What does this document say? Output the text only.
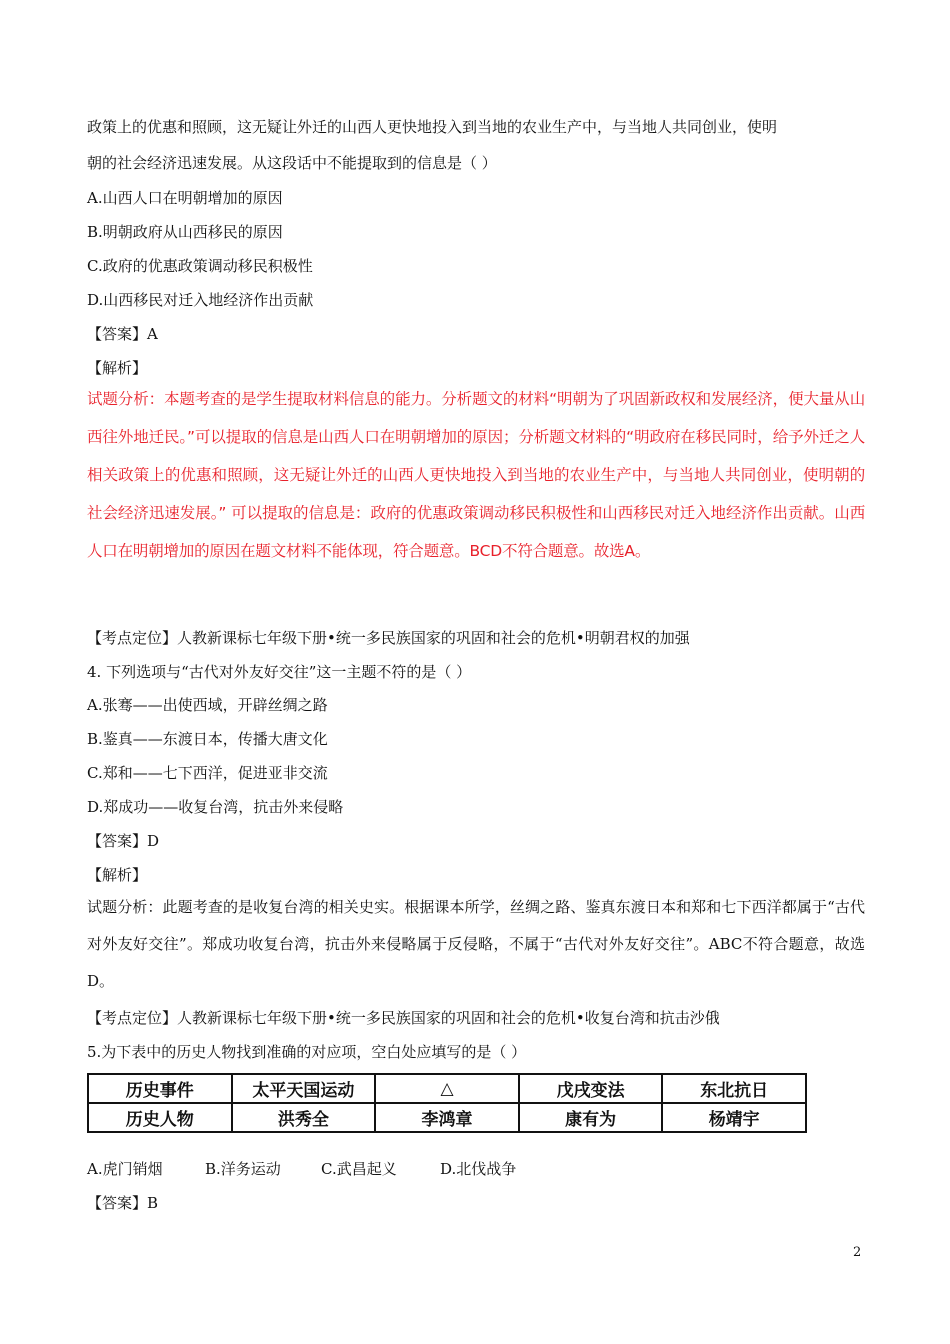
政策上的优惠和照顾，这无疑让外迁的山西人更快地投入到当地的农业生产中，与当地人共同创业，使明
朝的社会经济迅速发展。从这段话中不能提取到的信息是（ ）
A.山西人口在明朝增加的原因
B.明朝政府从山西移民的原因
C.政府的优惠政策调动移民积极性
D.山西移民对迁入地经济作出贡献
【答案】A
【解析】
试题分析：本题考查的是学生提取材料信息的能力。分析题文的材料“明朝为了巩固新政权和发展经济，便大量从山西往外地迁民。”可以提取的信息是山西人口在明朝增加的原因；分析题文材料的“明政府在移民同时，给予外迁之人相关政策上的优惠和照顾，这无疑让外迁的山西人更快地投入到当地的农业生产中，与当地人共同创业，使明朝的社会经济迅速发展。” 可以提取的信息是：政府的优惠政策调动移民积极性和山西移民对迁入地经济作出贡献。山西人口在明朝增加的原因在题文材料不能体现，符合题意。BCD不符合题意。故选A。
【考点定位】人教新课标七年级下册•统一多民族国家的巩固和社会的危机•明朝君权的加强
4. 下列选项与“古代对外友好交往”这一主题不符的是（ ）
A.张骞——出使西域，开辟丝绸之路
B.鉴真——东渡日本，传播大唐文化
C.郑和——七下西洋，促进亚非交流
D.郑成功——收复台湾，抗击外来侵略
【答案】D
【解析】
试题分析：此题考查的是收复台湾的相关史实。根据课本所学，丝绸之路、鉴真东渡日本和郑和七下西洋都属于“古代对外友好交往”。郑成功收复台湾，抗击外来侵略属于反侵略，不属于“古代对外友好交往”。ABC不符合题意，故选D。
【考点定位】人教新课标七年级下册•统一多民族国家的巩固和社会的危机•收复台湾和抗击沙俄
5.为下表中的历史人物找到准确的对应项，空白处应填写的是（ ）
历史事件	太平天国运动	△	戊戌变法	东北抗日
历史人物	洪秀全	李鸿章	康有为	杨靖宇
A.虎门销烟	B.洋务运动	C.武昌起义	D.北伐战争
【答案】B
2
